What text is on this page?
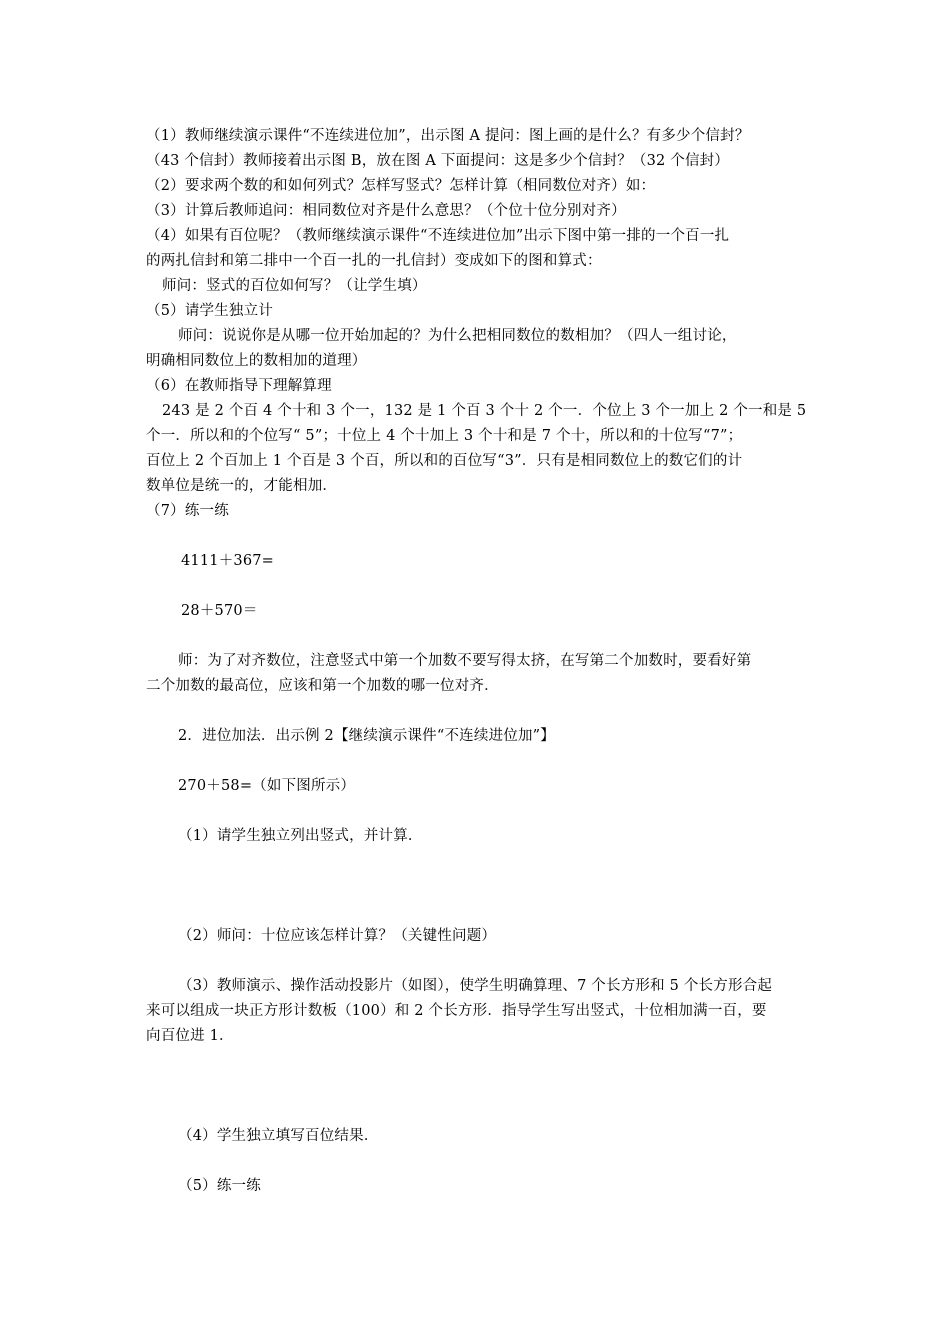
（1）教师继续演示课件“不连续进位加”，出示图 A 提问：图上画的是什么？有多少个信封？
（43 个信封）教师接着出示图 B，放在图 A 下面提问：这是多少个信封？（32 个信封）
（2）要求两个数的和如何列式？怎样写竖式？怎样计算（相同数位对齐）如：
（3）计算后教师追问：相同数位对齐是什么意思？（个位十位分别对齐）
（4）如果有百位呢？（教师继续演示课件“不连续进位加”出示下图中第一排的一个百一扎
的两扎信封和第二排中一个百一扎的一扎信封）变成如下的图和算式：
师问：竖式的百位如何写？（让学生填）
（5）请学生独立计
师问：说说你是从哪一位开始加起的？为什么把相同数位的数相加？（四人一组讨论，
明确相同数位上的数相加的道理）
（6）在教师指导下理解算理
243 是 2 个百 4 个十和 3 个一，132 是 1 个百 3 个十 2 个一．个位上 3 个一加上 2 个一和是 5
个一．所以和的个位写“ 5”；十位上 4 个十加上 3 个十和是 7 个十，所以和的十位写“7”；
百位上 2 个百加上 1 个百是 3 个百，所以和的百位写“3”．只有是相同数位上的数它们的计
数单位是统一的，才能相加．
（7）练一练
4111＋367=
28＋570＝
师：为了对齐数位，注意竖式中第一个加数不要写得太挤，在写第二个加数时，要看好第
二个加数的最高位，应该和第一个加数的哪一位对齐．
2．进位加法．出示例 2【继续演示课件“不连续进位加”】
270＋58=（如下图所示）
（1）请学生独立列出竖式，并计算．
（2）师问：十位应该怎样计算？（关键性问题）
（3）教师演示、操作活动投影片（如图），使学生明确算理、7 个长方形和 5 个长方形合起
来可以组成一块正方形计数板（100）和 2 个长方形．指导学生写出竖式，十位相加满一百，要
向百位进 1．
（4）学生独立填写百位结果．
（5）练一练
